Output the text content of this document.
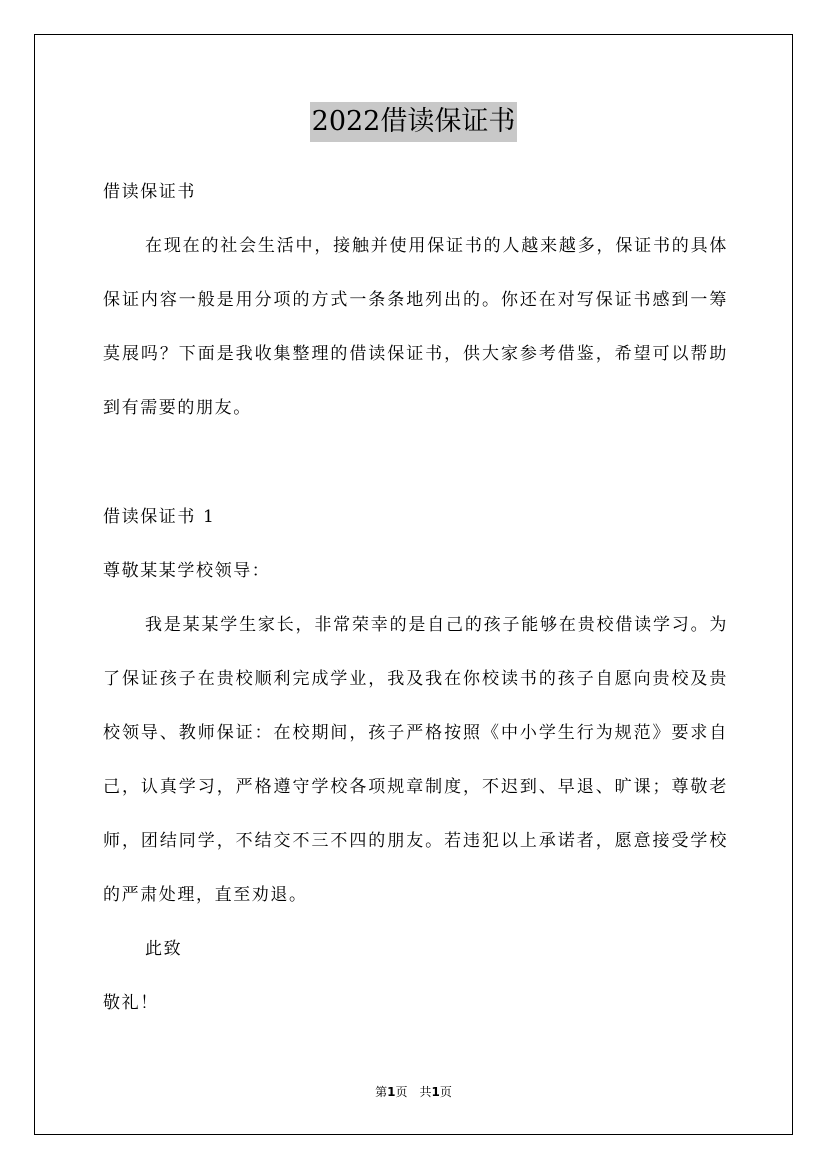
2022借读保证书

借读保证书

在现在的社会生活中，接触并使用保证书的人越来越多，保证书的具体保证内容一般是用分项的方式一条条地列出的。你还在对写保证书感到一筹莫展吗？下面是我收集整理的借读保证书，供大家参考借鉴，希望可以帮助到有需要的朋友。

借读保证书 1

尊敬某某学校领导：

我是某某学生家长，非常荣幸的是自己的孩子能够在贵校借读学习。为了保证孩子在贵校顺利完成学业，我及我在你校读书的孩子自愿向贵校及贵校领导、教师保证：在校期间，孩子严格按照《中小学生行为规范》要求自己，认真学习，严格遵守学校各项规章制度，不迟到、早退、旷课；尊敬老师，团结同学，不结交不三不四的朋友。若违犯以上承诺者，愿意接受学校的严肃处理，直至劝退。

此致

敬礼！

第1页　共1页
